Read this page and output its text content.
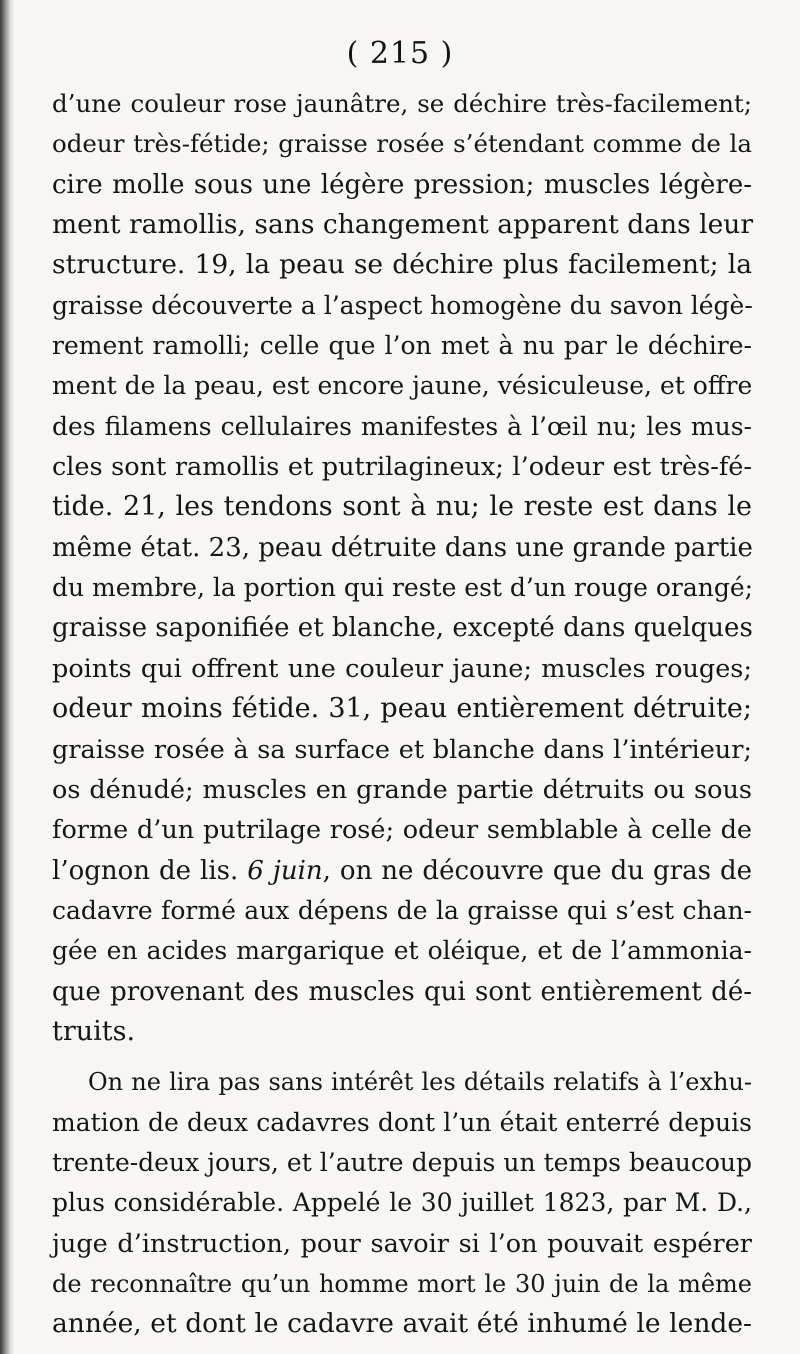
( 215 )
d’une couleur rose jaunâtre, se déchire très-facilement;
odeur très-fétide; graisse rosée s’étendant comme de la
cire molle sous une légère pression; muscles légère-
ment ramollis, sans changement apparent dans leur
structure. 19, la peau se déchire plus facilement; la
graisse découverte a l’aspect homogène du savon légè-
rement ramolli; celle que l’on met à nu par le déchire-
ment de la peau, est encore jaune, vésiculeuse, et offre
des filamens cellulaires manifestes à l’œil nu; les mus-
cles sont ramollis et putrilagineux; l’odeur est très-fé-
tide. 21, les tendons sont à nu; le reste est dans le
même état. 23, peau détruite dans une grande partie
du membre, la portion qui reste est d’un rouge orangé;
graisse saponifiée et blanche, excepté dans quelques
points qui offrent une couleur jaune; muscles rouges;
odeur moins fétide. 31, peau entièrement détruite;
graisse rosée à sa surface et blanche dans l’intérieur;
os dénudé; muscles en grande partie détruits ou sous
forme d’un putrilage rosé; odeur semblable à celle de
l’ognon de lis. 6 juin, on ne découvre que du gras de
cadavre formé aux dépens de la graisse qui s’est chan-
gée en acides margarique et oléique, et de l’ammonia-
que provenant des muscles qui sont entièrement dé-
truits.
On ne lira pas sans intérêt les détails relatifs à l’exhu-
mation de deux cadavres dont l’un était enterré depuis
trente-deux jours, et l’autre depuis un temps beaucoup
plus considérable. Appelé le 30 juillet 1823, par M. D.,
juge d’instruction, pour savoir si l’on pouvait espérer
de reconnaître qu’un homme mort le 30 juin de la même
année, et dont le cadavre avait été inhumé le lende-
